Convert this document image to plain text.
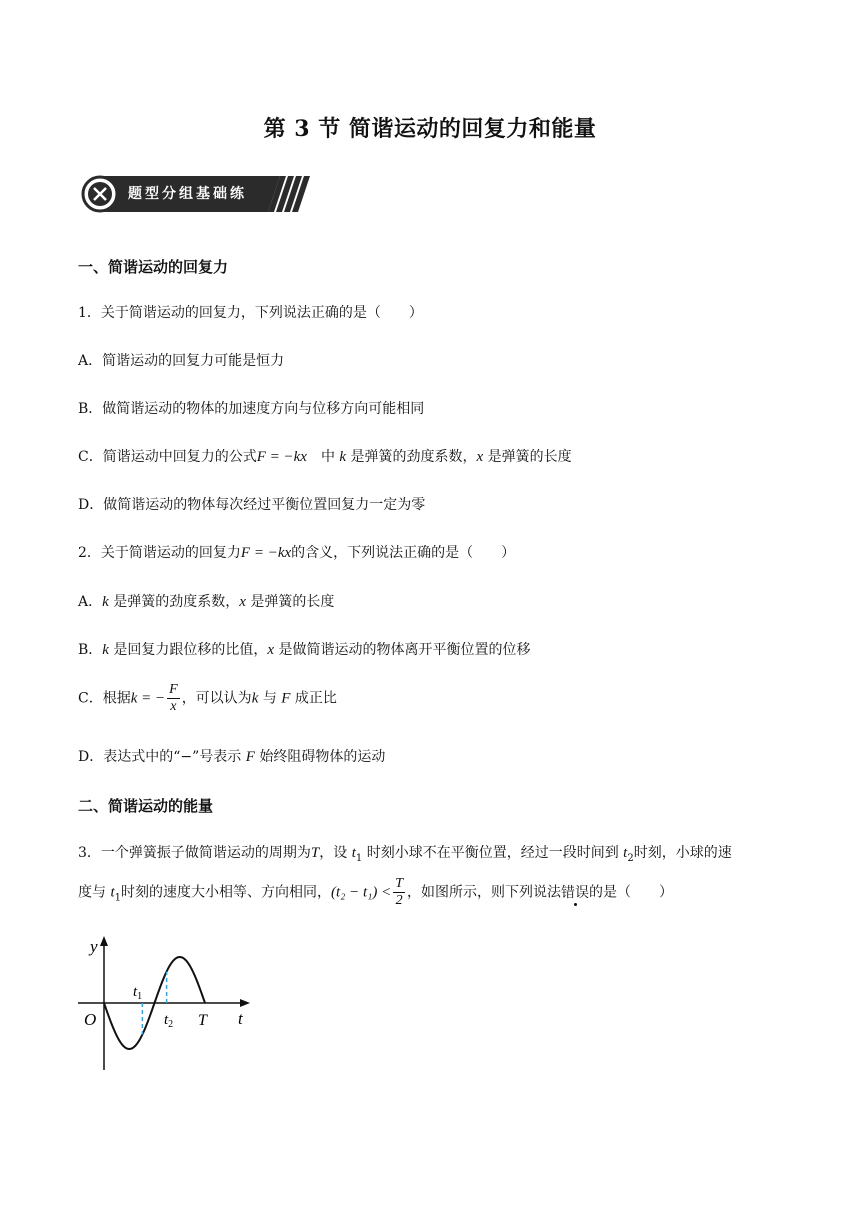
第 3 节 简谐运动的回复力和能量
题型分组基础练
一、简谐运动的回复力
1．关于简谐运动的回复力，下列说法正确的是（　　）
A．简谐运动的回复力可能是恒力
B．做简谐运动的物体的加速度方向与位移方向可能相同
C．简谐运动中回复力的公式F = −kx　中 k 是弹簧的劲度系数，x 是弹簧的长度
D．做简谐运动的物体每次经过平衡位置回复力一定为零
2．关于简谐运动的回复力F = −kx的含义，下列说法正确的是（　　）
A．k 是弹簧的劲度系数，x 是弹簧的长度
B．k 是回复力跟位移的比值，x 是做简谐运动的物体离开平衡位置的位移
C．根据k = − $\frac{F}{x}$ ，可以认为k 与 F 成正比
D．表达式中的“−”号表示 F 始终阻碍物体的运动
二、简谐运动的能量
3．一个弹簧振子做简谐运动的周期为T，设 $t_1$ 时刻小球不在平衡位置，经过一段时间到 $t_2$时刻，小球的速
度与 $t_1$时刻的速度大小相等、方向相同，$(t_2 - t_1) < \frac{T}{2}$ ，如图所示，则下列说法错误的是（　　）
y
t
O
$t_1$
$t_2$ T
